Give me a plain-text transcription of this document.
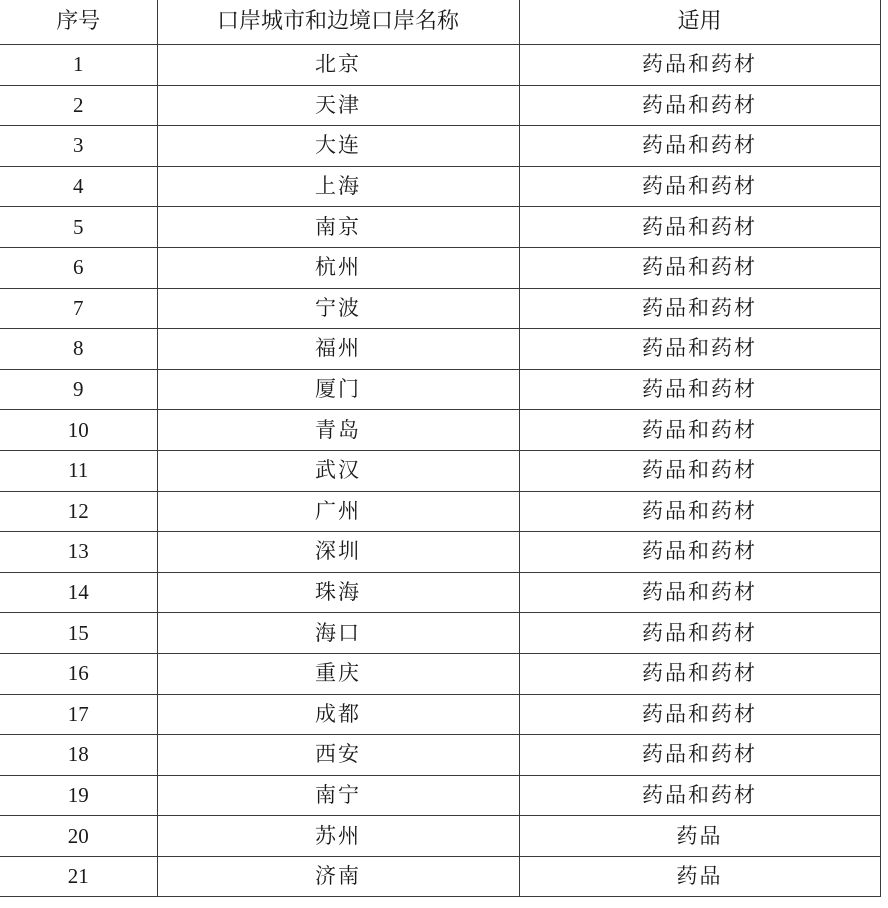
序号	口岸城市和边境口岸名称	适用
1	北京	药品和药材
2	天津	药品和药材
3	大连	药品和药材
4	上海	药品和药材
5	南京	药品和药材
6	杭州	药品和药材
7	宁波	药品和药材
8	福州	药品和药材
9	厦门	药品和药材
10	青岛	药品和药材
11	武汉	药品和药材
12	广州	药品和药材
13	深圳	药品和药材
14	珠海	药品和药材
15	海口	药品和药材
16	重庆	药品和药材
17	成都	药品和药材
18	西安	药品和药材
19	南宁	药品和药材
20	苏州	药品
21	济南	药品
